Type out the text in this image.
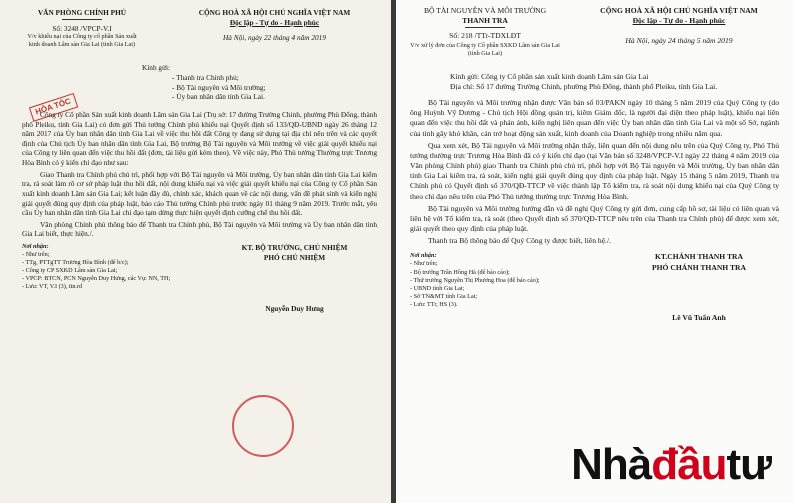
VĂN PHÒNG CHÍNH PHỦ
Số: 3248 /VPCP-V.I
V/v khiếu nại của Công ty cổ phần Sản xuất kinh doanh Lâm sản Gia Lai (tỉnh Gia Lai)
CỘNG HOÀ XÃ HỘI CHỦ NGHĨA VIỆT NAM
Độc lập - Tự do - Hạnh phúc
Hà Nội, ngày 22 tháng 4 năm 2019
HỎA TỐC
Kính gửi:
- Thanh tra Chính phủ;
- Bộ Tài nguyên và Môi trường;
- Ủy ban nhân dân tỉnh Gia Lai.

Công ty Cổ phần Sản xuất kinh doanh Lâm sản Gia Lai (Trụ sở: 17 đường Trường Chinh, phường Phù Đổng, thành phố Pleiku, tỉnh Gia Lai) có đơn gửi Thủ tướng Chính phủ khiếu nại Quyết định số 133/QĐ-UBND ngày 26 tháng 12 năm 2017 của Ủy ban nhân dân tỉnh Gia Lai về việc thu hồi đất Công ty đang sử dụng tại địa chỉ nêu trên và các quyết định của Chủ tịch Ủy ban nhân dân tỉnh Gia Lai, Bộ trưởng Bộ Tài nguyên và Môi trường về việc giải quyết khiếu nại của Công ty liên quan đến việc thu hồi đất (đơn, tài liệu gửi kèm theo). Về việc này, Phó Thủ tướng Thường trực Trương Hòa Bình có ý kiến chỉ đạo như sau:

Giao Thanh tra Chính phủ chủ trì, phối hợp với Bộ Tài nguyên và Môi trường, Ủy ban nhân dân tỉnh Gia Lai kiểm tra, rà soát làm rõ cơ sở pháp luật thu hồi đất, nội dung khiếu nại và việc giải quyết khiếu nại của Công ty Cổ phần Sản xuất kinh doanh Lâm sản Gia Lai; kết luận đầy đủ, chính xác, khách quan về các nội dung, vấn đề phát sinh và kiến nghị giải quyết đúng quy định của pháp luật, báo cáo Thủ tướng Chính phủ trước ngày 01 tháng 9 năm 2019. Trước mắt, yêu cầu Ủy ban nhân dân tỉnh Gia Lai chỉ đạo tạm dừng thực hiện quyết định cưỡng chế thu hồi đất.

Văn phòng Chính phủ thông báo để Thanh tra Chính phủ, Bộ Tài nguyên và Môi trường và Ủy ban nhân dân tỉnh Gia Lai biết, thực hiện./.

Nơi nhận:
- Như trên;
- TTg, PTTgTT Trương Hòa Bình (để b/c);
- Công ty CP SXKD Lâm sản Gia Lai;
- VPCP: BTCN, PCN Nguyễn Duy Hưng, các Vụ: NN, TH;
- Lưu: VT, V.I (3), ttn.rd
KT. BỘ TRƯỞNG, CHỦ NHIỆM
PHÓ CHỦ NHIỆM
Nguyễn Duy Hưng
BỘ TÀI NGUYÊN VÀ MÔI TRƯỜNG
THANH TRA
Số: 218 /TTr-TDXLĐT
V/v xử lý đơn của Công ty Cổ phần SXKD Lâm sản Gia Lai (tỉnh Gia Lai)
CỘNG HOÀ XÃ HỘI CHỦ NGHĨA VIỆT NAM
Độc lập - Tự do - Hạnh phúc
Hà Nội, ngày 24 tháng 5 năm 2019
Kính gửi: Công ty Cổ phần sản xuất kinh doanh Lâm sản Gia Lai
Địa chỉ: Số 17 đường Trường Chinh, phường Phù Đổng, thành phố Pleiku, tỉnh Gia Lai.

Bộ Tài nguyên và Môi trường nhận được Văn bản số 03/PAKN ngày 10 tháng 5 năm 2019 của Quý Công ty (do ông Huỳnh Vỹ Dương - Chủ tịch Hội đồng quản trị, kiêm Giám đốc, là người đại diện theo pháp luật), khiếu nại liên quan đến việc thu hồi đất và phản ánh, kiến nghị liên quan đến việc Ủy ban nhân dân tỉnh Gia Lai và một số Sở, ngành của tỉnh gây khó khăn, cản trở hoạt động sản xuất, kinh doanh của Doanh nghiệp trong nhiều năm qua.

Qua xem xét, Bộ Tài nguyên và Môi trường nhận thấy, liên quan đến nội dung nêu trên của Quý Công ty, Phó Thủ tướng thường trực Trương Hòa Bình đã có ý kiến chỉ đạo (tại Văn bản số 3248/VPCP-V.I ngày 22 tháng 4 năm 2019 của Văn phòng Chính phủ) giao Thanh tra Chính phủ chủ trì, phối hợp với Bộ Tài nguyên và Môi trường, Ủy ban nhân dân tỉnh Gia Lai kiểm tra, rà soát, kiến nghị giải quyết đúng quy định của pháp luật. Ngày 15 tháng 5 năm 2019, Thanh tra Chính phủ có Quyết định số 370/QĐ-TTCP về việc thành lập Tổ kiểm tra, rà soát nội dung khiếu nại của Quý Công ty theo chỉ đạo nêu trên của Phó Thủ tướng thường trực Trương Hòa Bình.

Bộ Tài nguyên và Môi trường hướng dẫn và đề nghị Quý Công ty gửi đơn, cung cấp hồ sơ, tài liệu có liên quan và liên hệ với Tổ kiểm tra, rà soát (theo Quyết định số 370/QĐ-TTCP nêu trên của Thanh tra Chính phủ) để được xem xét, giải quyết theo quy định của pháp luật.

Thanh tra Bộ thông báo để Quý Công ty được biết, liên hệ./.

Nơi nhận:
- Như trên;
- Bộ trưởng Trần Hồng Hà (để báo cáo);
- Thứ trưởng Nguyễn Thị Phương Hoa (để báo cáo);
- UBND tỉnh Gia Lai;
- Sở TN&MT tỉnh Gia Lai;
- Lưu: TTr, HS (3).
KT.CHÁNH THANH TRA
PHÓ CHÁNH THANH TRA
Lê Vũ Tuấn Anh
Nhàđầutư
